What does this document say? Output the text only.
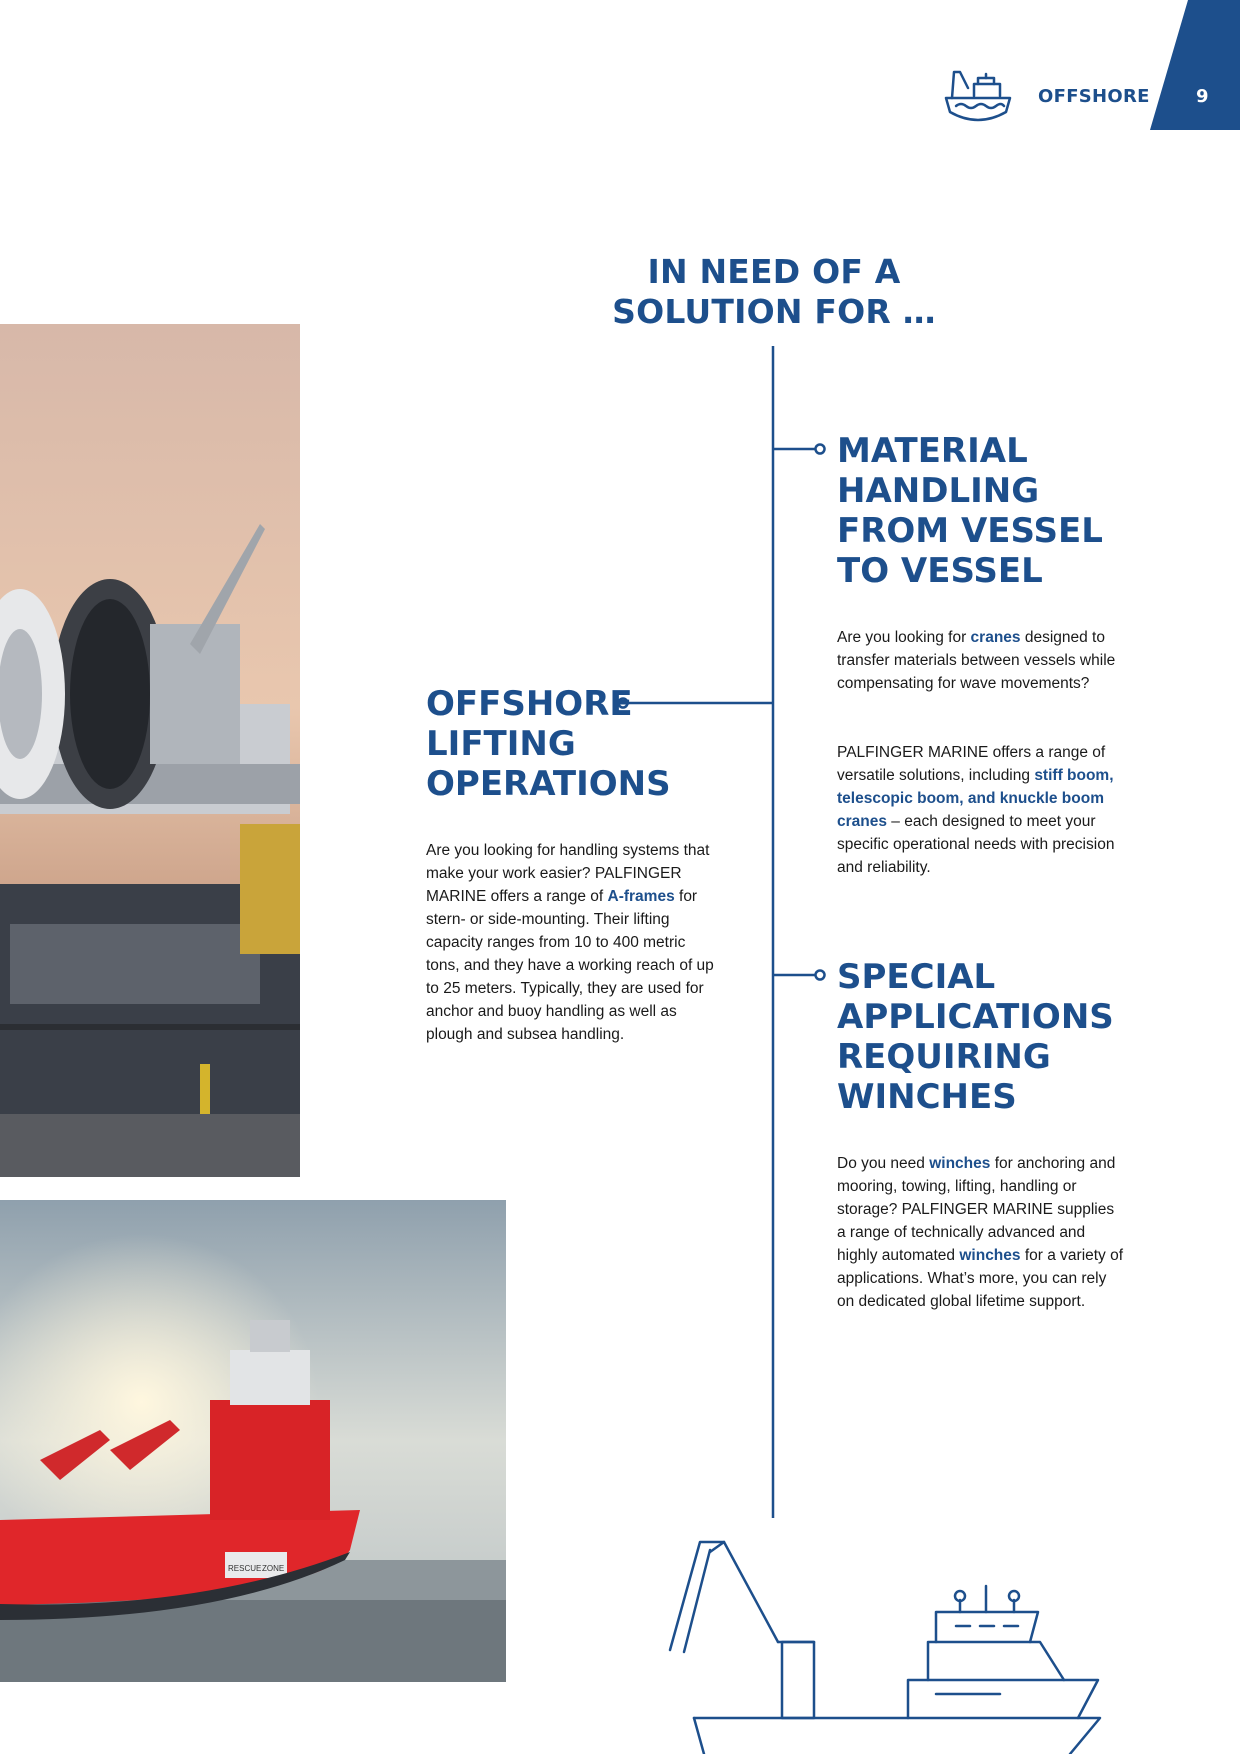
9
OFFSHORE
IN NEED OF A
SOLUTION FOR …
RESCUE ZONE
OFFSHORE
LIFTING
OPERATIONS

Are you looking for handling systems that make your work easier? PALFINGER MARINE offers a range of A-frames for stern- or side-mounting. Their lifting capacity ranges from 10 to 400 metric tons, and they have a working reach of up to 25 meters. Typically, they are used for anchor and buoy handling as well as plough and subsea handling.

MATERIAL
HANDLING
FROM VESSEL
TO VESSEL

Are you looking for cranes designed to transfer materials between vessels while compensating for wave movements?

PALFINGER MARINE offers a range of versatile solutions, including stiff boom, telescopic boom, and knuckle boom cranes – each designed to meet your specific operational needs with precision and reliability.

SPECIAL
APPLICATIONS
REQUIRING
WINCHES

Do you need winches for anchoring and mooring, towing, lifting, handling or storage? PALFINGER MARINE supplies a range of technically advanced and highly automated winches for a variety of applications. What’s more, you can rely on dedicated global lifetime support.
